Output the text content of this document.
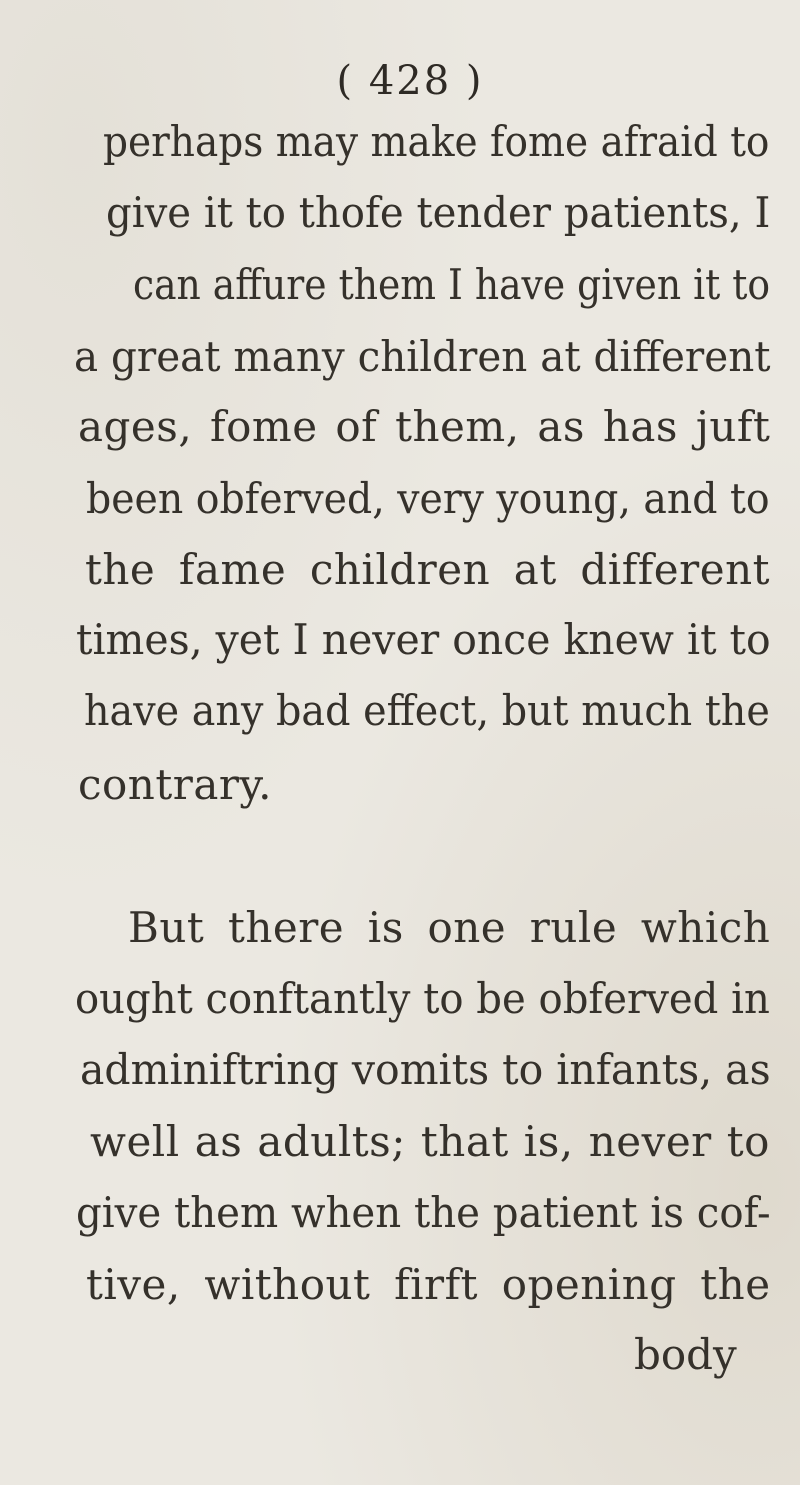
( 428 )
perhaps may make fome afraid to
give it to thofe tender patients, I
can affure them I have given it to
a great many children at different
ages, fome of them, as has juft
been obferved, very young, and to
the fame children at different
times, yet I never once knew it to
have any bad effect, but much the
contrary.
But there is one rule which
ought conftantly to be obferved in
adminiftring vomits to infants, as
well as adults; that is, never to
give them when the patient is cof-
tive, without firft opening the
body
